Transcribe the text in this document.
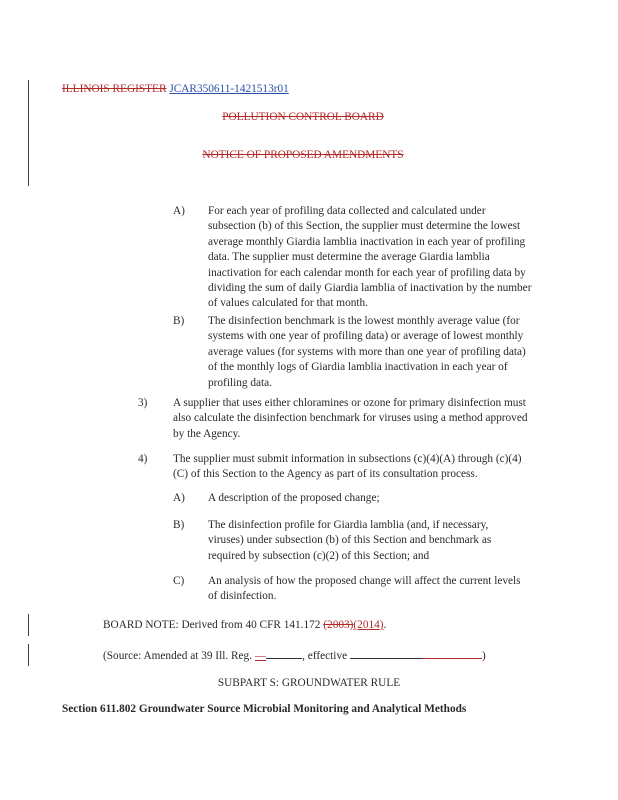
ILLINOIS REGISTER JCAR350611-1421513r01
POLLUTION CONTROL BOARD
NOTICE OF PROPOSED AMENDMENTS
A) For each year of profiling data collected and calculated under subsection (b) of this Section, the supplier must determine the lowest average monthly Giardia lamblia inactivation in each year of profiling data. The supplier must determine the average Giardia lamblia inactivation for each calendar month for each year of profiling data by dividing the sum of daily Giardia lamblia of inactivation by the number of values calculated for that month.
B) The disinfection benchmark is the lowest monthly average value (for systems with one year of profiling data) or average of lowest monthly average values (for systems with more than one year of profiling data) of the monthly logs of Giardia lamblia inactivation in each year of profiling data.
3) A supplier that uses either chloramines or ozone for primary disinfection must also calculate the disinfection benchmark for viruses using a method approved by the Agency.
4) The supplier must submit information in subsections (c)(4)(A) through (c)(4)(C) of this Section to the Agency as part of its consultation process.
A) A description of the proposed change;
B) The disinfection profile for Giardia lamblia (and, if necessary, viruses) under subsection (b) of this Section and benchmark as required by subsection (c)(2) of this Section; and
C) An analysis of how the proposed change will affect the current levels of disinfection.
BOARD NOTE: Derived from 40 CFR 141.172 (2003)(2014).
(Source: Amended at 39 Ill. Reg. —	, effective	)
SUBPART S: GROUNDWATER RULE
Section 611.802 Groundwater Source Microbial Monitoring and Analytical Methods
